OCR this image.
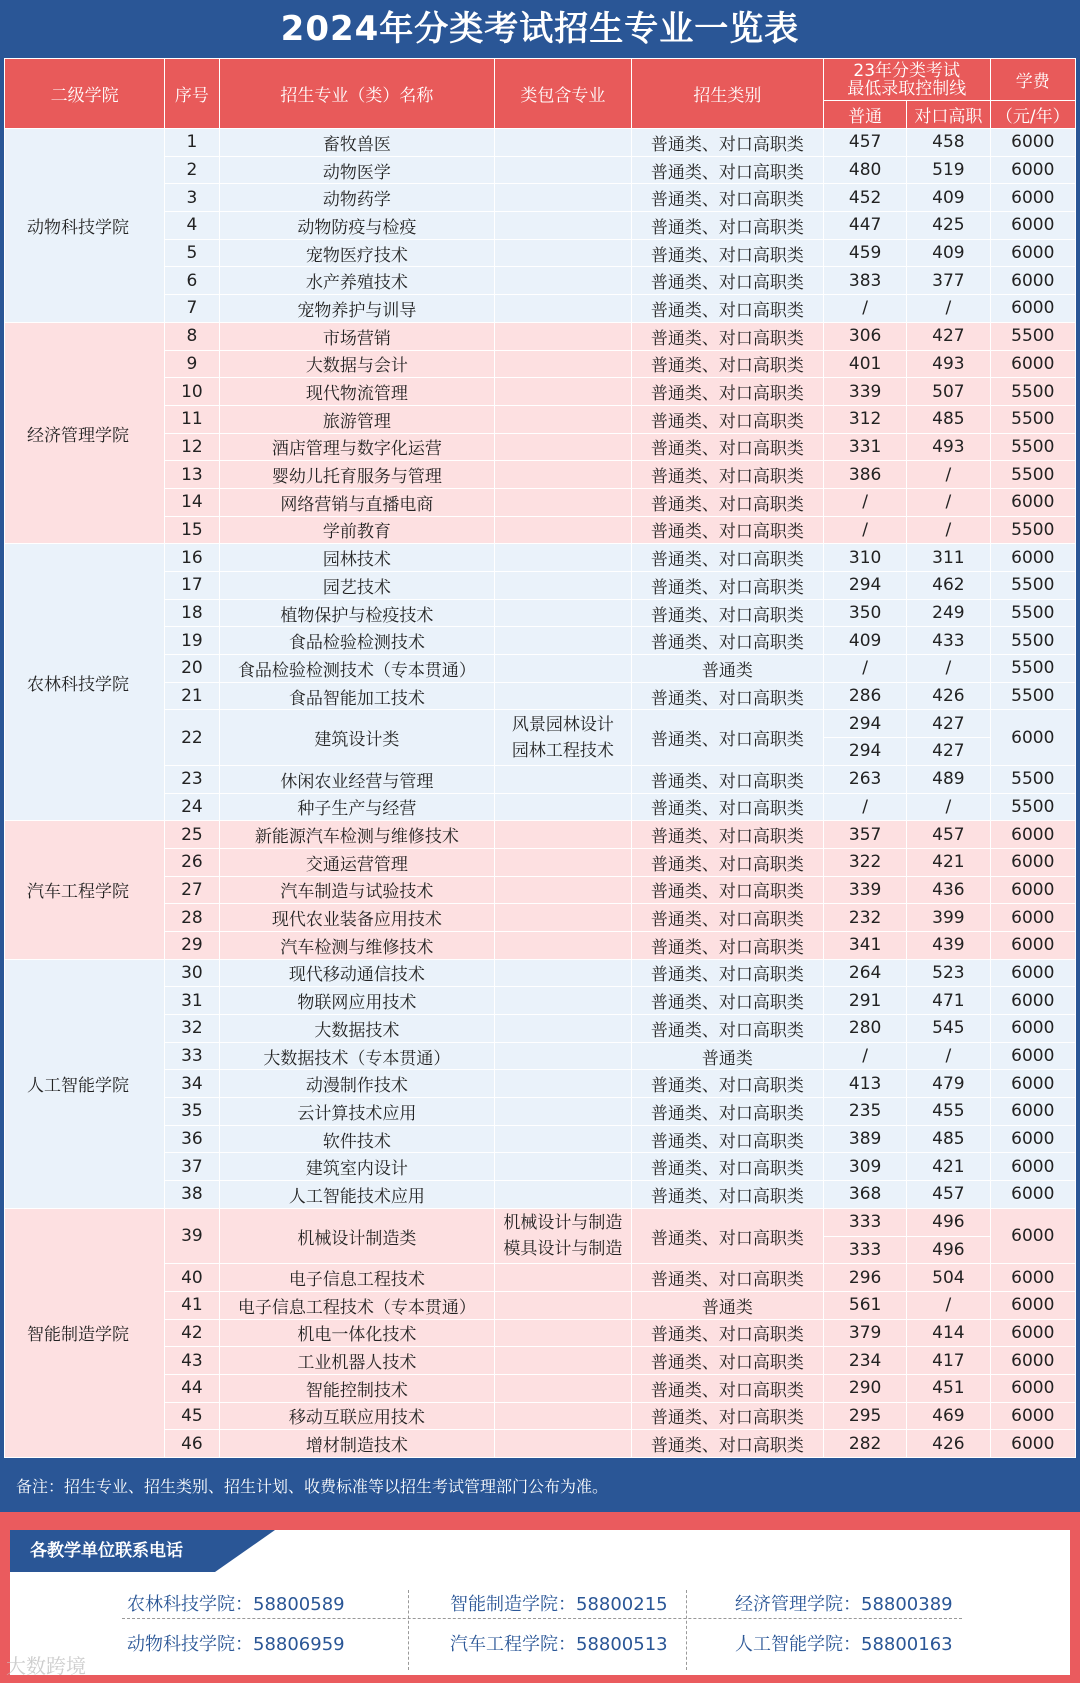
2024年分类考试招生专业一览表
二级学院	序号	招生专业（类）名称	类包含专业	招生类别	23年分类考试
最低录取控制线		学费
					普通	对口高职	（元/年）
动物科技学院	1	畜牧兽医		普通类、对口高职类	457	458	6000
	2	动物医学		普通类、对口高职类	480	519	6000
	3	动物药学		普通类、对口高职类	452	409	6000
	4	动物防疫与检疫		普通类、对口高职类	447	425	6000
	5	宠物医疗技术		普通类、对口高职类	459	409	6000
	6	水产养殖技术		普通类、对口高职类	383	377	6000
	7	宠物养护与训导		普通类、对口高职类	/	/	6000
经济管理学院	8	市场营销		普通类、对口高职类	306	427	5500
	9	大数据与会计		普通类、对口高职类	401	493	6000
	10	现代物流管理		普通类、对口高职类	339	507	5500
	11	旅游管理		普通类、对口高职类	312	485	5500
	12	酒店管理与数字化运营		普通类、对口高职类	331	493	5500
	13	婴幼儿托育服务与管理		普通类、对口高职类	386	/	5500
	14	网络营销与直播电商		普通类、对口高职类	/	/	6000
	15	学前教育		普通类、对口高职类	/	/	5500
农林科技学院	16	园林技术		普通类、对口高职类	310	311	6000
	17	园艺技术		普通类、对口高职类	294	462	5500
	18	植物保护与检疫技术		普通类、对口高职类	350	249	5500
	19	食品检验检测技术		普通类、对口高职类	409	433	5500
	20	食品检验检测技术（专本贯通）		普通类	/	/	5500
	21	食品智能加工技术		普通类、对口高职类	286	426	5500
	22	建筑设计类	风景园林设计
园林工程技术	普通类、对口高职类	294	427	6000
					294	427	
	23	休闲农业经营与管理		普通类、对口高职类	263	489	5500
	24	种子生产与经营		普通类、对口高职类	/	/	5500
汽车工程学院	25	新能源汽车检测与维修技术		普通类、对口高职类	357	457	6000
	26	交通运营管理		普通类、对口高职类	322	421	6000
	27	汽车制造与试验技术		普通类、对口高职类	339	436	6000
	28	现代农业装备应用技术		普通类、对口高职类	232	399	6000
	29	汽车检测与维修技术		普通类、对口高职类	341	439	6000
人工智能学院	30	现代移动通信技术		普通类、对口高职类	264	523	6000
	31	物联网应用技术		普通类、对口高职类	291	471	6000
	32	大数据技术		普通类、对口高职类	280	545	6000
	33	大数据技术（专本贯通）		普通类	/	/	6000
	34	动漫制作技术		普通类、对口高职类	413	479	6000
	35	云计算技术应用		普通类、对口高职类	235	455	6000
	36	软件技术		普通类、对口高职类	389	485	6000
	37	建筑室内设计		普通类、对口高职类	309	421	6000
	38	人工智能技术应用		普通类、对口高职类	368	457	6000
智能制造学院	39	机械设计制造类	机械设计与制造
模具设计与制造	普通类、对口高职类	333	496	6000
					333	496	
	40	电子信息工程技术		普通类、对口高职类	296	504	6000
	41	电子信息工程技术（专本贯通）		普通类	561	/	6000
	42	机电一体化技术		普通类、对口高职类	379	414	6000
	43	工业机器人技术		普通类、对口高职类	234	417	6000
	44	智能控制技术		普通类、对口高职类	290	451	6000
	45	移动互联应用技术		普通类、对口高职类	295	469	6000
	46	增材制造技术		普通类、对口高职类	282	426	6000
备注：招生专业、招生类别、招生计划、收费标准等以招生考试管理部门公布为准。
各教学单位联系电话
农林科技学院：58800589	智能制造学院：58800215	经济管理学院：58800389
动物科技学院：58806959	汽车工程学院：58800513	人工智能学院：58800163
大数跨境
